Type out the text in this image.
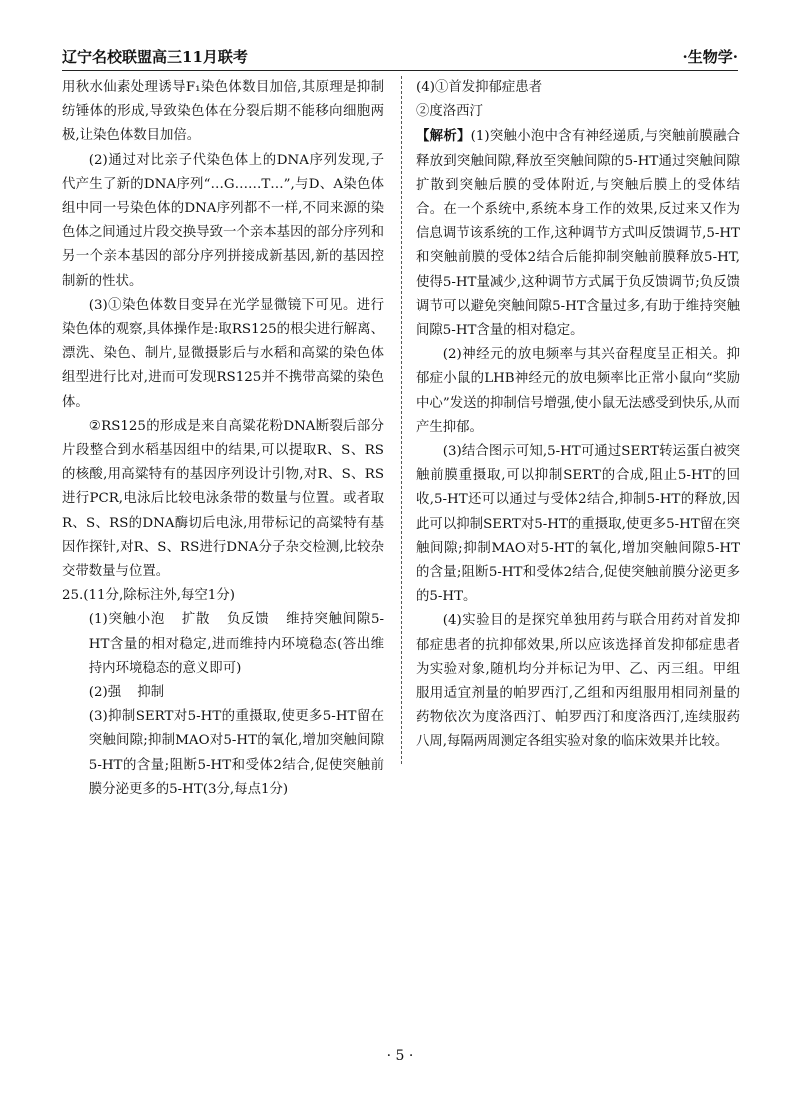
辽宁名校联盟高三11月联考	·生物学·

用秋水仙素处理诱导F₁染色体数目加倍,其原理是抑制纺锤体的形成,导致染色体在分裂后期不能移向细胞两极,让染色体数目加倍。

(2)通过对比亲子代染色体上的DNA序列发现,子代产生了新的DNA序列“…G……T…”,与D、A染色体组中同一号染色体的DNA序列都不一样,不同来源的染色体之间通过片段交换导致一个亲本基因的部分序列和另一个亲本基因的部分序列拼接成新基因,新的基因控制新的性状。

(3)①染色体数目变异在光学显微镜下可见。进行染色体的观察,具体操作是:取RS125的根尖进行解离、漂洗、染色、制片,显微摄影后与水稻和高粱的染色体组型进行比对,进而可发现RS125并不携带高粱的染色体。

②RS125的形成是来自高粱花粉DNA断裂后部分片段整合到水稻基因组中的结果,可以提取R、S、RS的核酸,用高粱特有的基因序列设计引物,对R、S、RS进行PCR,电泳后比较电泳条带的数量与位置。或者取R、S、RS的DNA酶切后电泳,用带标记的高粱特有基因作探针,对R、S、RS进行DNA分子杂交检测,比较杂交带数量与位置。

25.(11分,除标注外,每空1分)

(1)突触小泡 扩散 负反馈 维持突触间隙5-HT含量的相对稳定,进而维持内环境稳态(答出维持内环境稳态的意义即可)

(2)强 抑制

(3)抑制SERT对5-HT的重摄取,使更多5-HT留在突触间隙;抑制MAO对5-HT的氧化,增加突触间隙5-HT的含量;阻断5-HT和受体2结合,促使突触前膜分泌更多的5-HT(3分,每点1分)

(4)①首发抑郁症患者

②度洛西汀

【解析】(1)突触小泡中含有神经递质,与突触前膜融合释放到突触间隙,释放至突触间隙的5-HT通过突触间隙扩散到突触后膜的受体附近,与突触后膜上的受体结合。在一个系统中,系统本身工作的效果,反过来又作为信息调节该系统的工作,这种调节方式叫反馈调节,5-HT和突触前膜的受体2结合后能抑制突触前膜释放5-HT,使得5-HT量减少,这种调节方式属于负反馈调节;负反馈调节可以避免突触间隙5-HT含量过多,有助于维持突触间隙5-HT含量的相对稳定。

(2)神经元的放电频率与其兴奋程度呈正相关。抑郁症小鼠的LHB神经元的放电频率比正常小鼠向“奖励中心”发送的抑制信号增强,使小鼠无法感受到快乐,从而产生抑郁。

(3)结合图示可知,5-HT可通过SERT转运蛋白被突触前膜重摄取,可以抑制SERT的合成,阻止5-HT的回收,5-HT还可以通过与受体2结合,抑制5-HT的释放,因此可以抑制SERT对5-HT的重摄取,使更多5-HT留在突触间隙;抑制MAO对5-HT的氧化,增加突触间隙5-HT的含量;阻断5-HT和受体2结合,促使突触前膜分泌更多的5-HT。

(4)实验目的是探究单独用药与联合用药对首发抑郁症患者的抗抑郁效果,所以应该选择首发抑郁症患者为实验对象,随机均分并标记为甲、乙、丙三组。甲组服用适宜剂量的帕罗西汀,乙组和丙组服用相同剂量的药物依次为度洛西汀、帕罗西汀和度洛西汀,连续服药八周,每隔两周测定各组实验对象的临床效果并比较。

· 5 ·
